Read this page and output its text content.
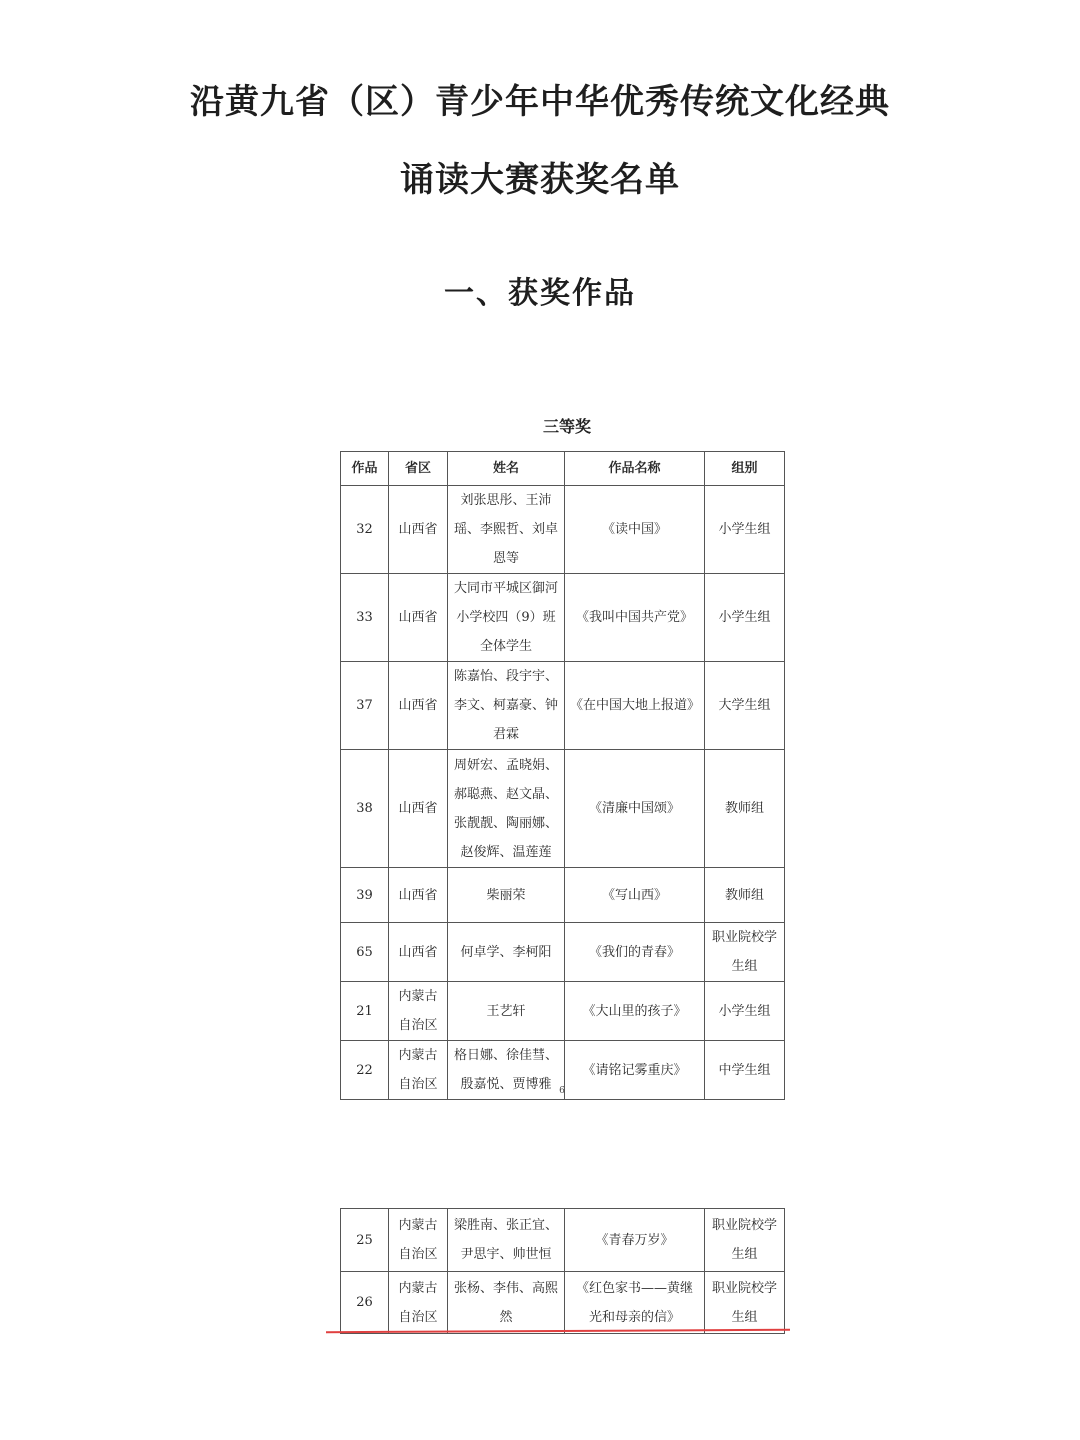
沿黄九省（区）青少年中华优秀传统文化经典
诵读大赛获奖名单
一、获奖作品
三等奖
作品	省区	姓名	作品名称	组别
32	山西省	刘张思彤、王沛瑶、李熙哲、刘卓恩等	《读中国》	小学生组
33	山西省	大同市平城区御河小学校四（9）班全体学生	《我叫中国共产党》	小学生组
37	山西省	陈嘉怡、段宇宇、李文、柯嘉豪、钟君霖	《在中国大地上报道》	大学生组
38	山西省	周妍宏、孟晓娟、郝聪燕、赵文晶、张靓靓、陶丽娜、赵俊辉、温莲莲	《清廉中国颂》	教师组
39	山西省	柴丽荣	《写山西》	教师组
65	山西省	何卓学、李柯阳	《我们的青春》	职业院校学生组
21	内蒙古自治区	王艺轩	《大山里的孩子》	小学生组
22	内蒙古自治区	格日娜、徐佳彗、殷嘉悦、贾博雅	《请铭记雾重庆》	中学生组
6
25	内蒙古自治区	梁胜南、张正宜、尹思宇、帅世恒	《青春万岁》	职业院校学生组
26	内蒙古自治区	张杨、李伟、高熙然	《红色家书——黄继光和母亲的信》	职业院校学生组
